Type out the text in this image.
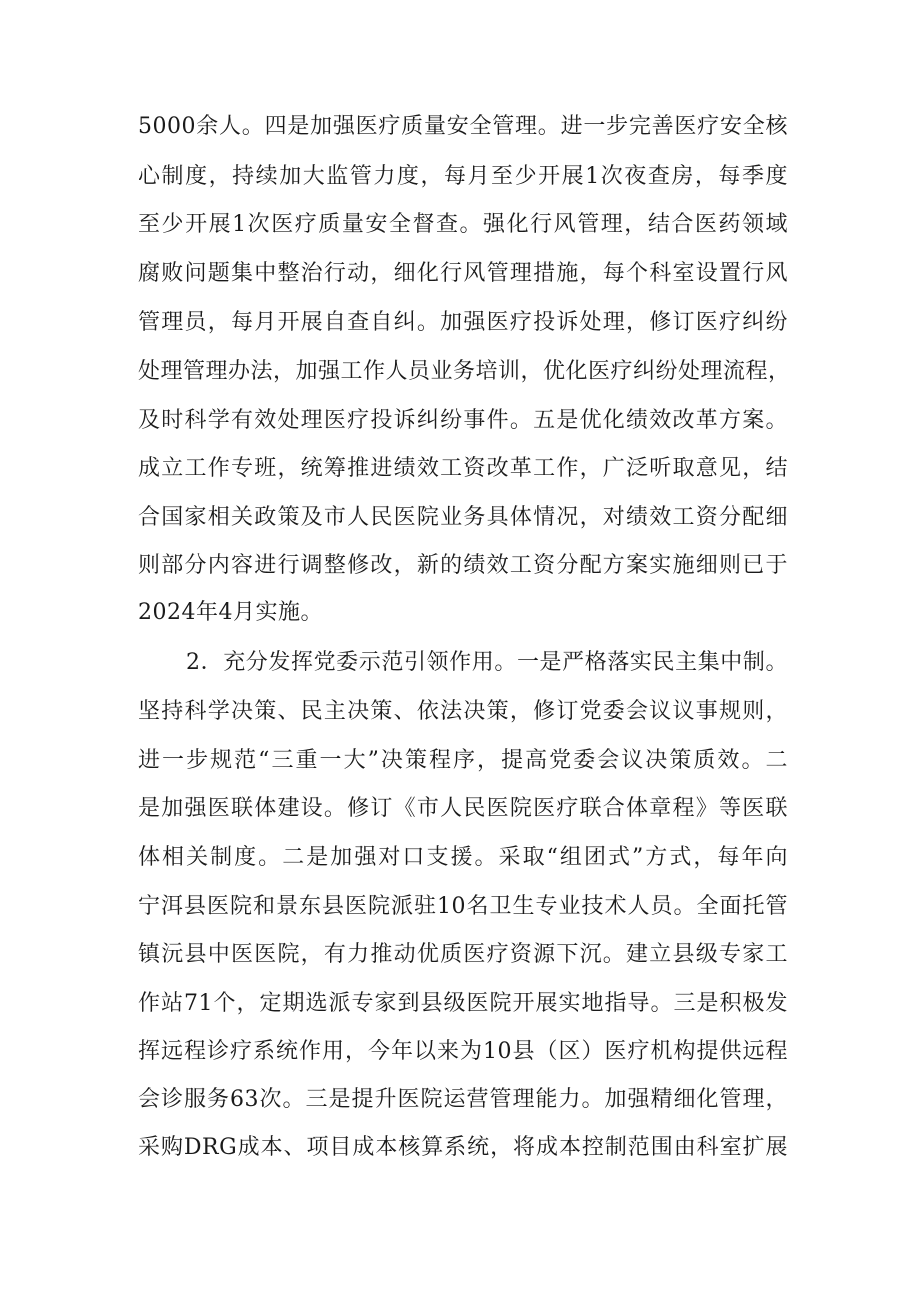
5000余人。四是加强医疗质量安全管理。进一步完善医疗安全核
心制度，持续加大监管力度，每月至少开展1次夜查房，每季度
至少开展1次医疗质量安全督查。强化行风管理，结合医药领域
腐败问题集中整治行动，细化行风管理措施，每个科室设置行风
管理员，每月开展自查自纠。加强医疗投诉处理，修订医疗纠纷
处理管理办法，加强工作人员业务培训，优化医疗纠纷处理流程，
及时科学有效处理医疗投诉纠纷事件。五是优化绩效改革方案。
成立工作专班，统筹推进绩效工资改革工作，广泛听取意见，结
合国家相关政策及市人民医院业务具体情况，对绩效工资分配细
则部分内容进行调整修改，新的绩效工资分配方案实施细则已于
2024年4月实施。
2．充分发挥党委示范引领作用。一是严格落实民主集中制。
坚持科学决策、民主决策、依法决策，修订党委会议议事规则，
进一步规范“三重一大”决策程序，提高党委会议决策质效。二
是加强医联体建设。修订《市人民医院医疗联合体章程》等医联
体相关制度。二是加强对口支援。采取“组团式”方式，每年向
宁洱县医院和景东县医院派驻10名卫生专业技术人员。全面托管
镇沅县中医医院，有力推动优质医疗资源下沉。建立县级专家工
作站71个，定期选派专家到县级医院开展实地指导。三是积极发
挥远程诊疗系统作用，今年以来为10县（区）医疗机构提供远程
会诊服务63次。三是提升医院运营管理能力。加强精细化管理，
采购DRG成本、项目成本核算系统，将成本控制范围由科室扩展
